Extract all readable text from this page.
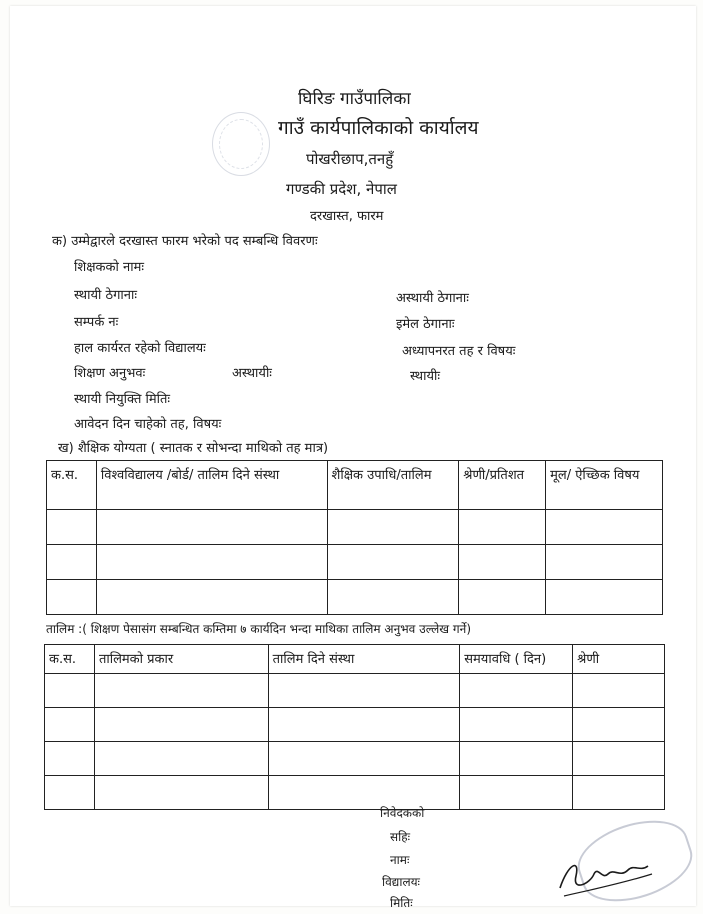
घिरिङ गाउँपालिका
गाउँ कार्यपालिकाको कार्यालय
पोखरीछाप,तनहुँ
गण्डकी प्रदेश, नेपाल
दरखास्त, फारम
क) उम्मेद्वारले दरखास्त फारम भरेको पद सम्बन्धि विवरणः
शिक्षकको नामः
स्थायी ठेगानाः	अस्थायी ठेगानाः
सम्पर्क नः	इमेल ठेगानाः
हाल कार्यरत रहेको विद्यालयः	अध्यापनरत तह र विषयः
शिक्षण अनुभवः	अस्थायीः	स्थायीः
स्थायी नियुक्ति मितिः
आवेदन दिन चाहेको तह, विषयः
ख) शैक्षिक योग्यता ( स्नातक र सोभन्दा माथिको तह मात्र)
क.स.	विश्वविद्यालय /बोर्ड/ तालिम दिने संस्था	शैक्षिक उपाधि/तालिम	श्रेणी/प्रतिशत	मूल/ ऐच्छिक विषय

तालिम :( शिक्षण पेसासंग सम्बन्धित कम्तिमा ७ कार्यदिन भन्दा माथिका तालिम अनुभव उल्लेख गर्ने)
क.स.	तालिमको प्रकार	तालिम दिने संस्था	समयावधि ( दिन)	श्रेणी

निवेदकको
सहिः
नामः
विद्यालयः
मितिः
